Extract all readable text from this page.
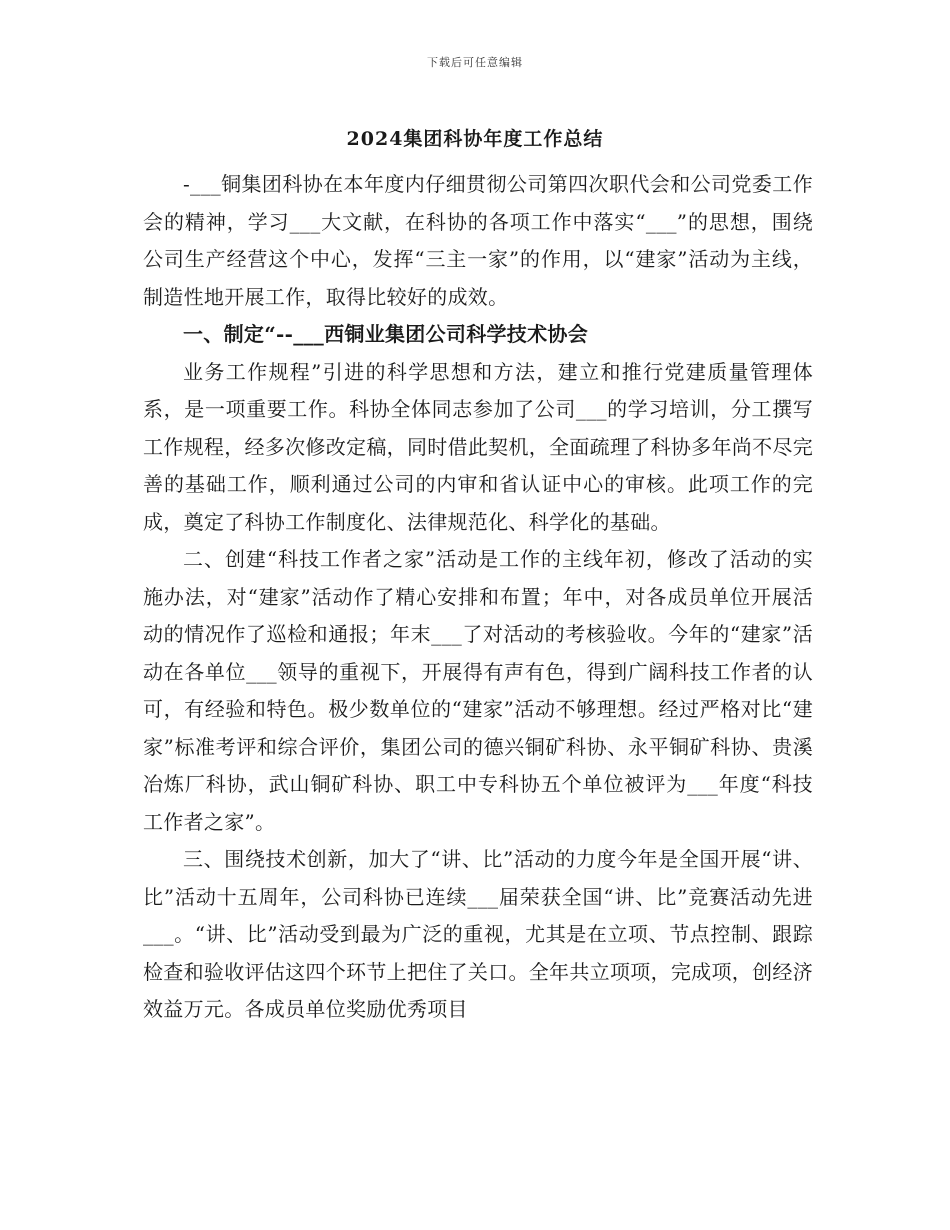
下载后可任意编辑
2024集团科协年度工作总结

-___铜集团科协在本年度内仔细贯彻公司第四次职代会和公司党委工作会的精神，学习___大文献，在科协的各项工作中落实“___”的思想，围绕公司生产经营这个中心，发挥“三主一家”的作用，以“建家”活动为主线，制造性地开展工作，取得比较好的成效。

一、制定“--___西铜业集团公司科学技术协会

业务工作规程”引进的科学思想和方法，建立和推行党建质量管理体系，是一项重要工作。科协全体同志参加了公司___的学习培训，分工撰写工作规程，经多次修改定稿，同时借此契机，全面疏理了科协多年尚不尽完善的基础工作，顺利通过公司的内审和省认证中心的审核。此项工作的完成，奠定了科协工作制度化、法律规范化、科学化的基础。

二、创建“科技工作者之家”活动是工作的主线年初，修改了活动的实施办法，对“建家”活动作了精心安排和布置；年中，对各成员单位开展活动的情况作了巡检和通报；年末___了对活动的考核验收。今年的“建家”活动在各单位___领导的重视下，开展得有声有色，得到广阔科技工作者的认可，有经验和特色。极少数单位的“建家”活动不够理想。经过严格对比“建家”标准考评和综合评价，集团公司的德兴铜矿科协、永平铜矿科协、贵溪冶炼厂科协，武山铜矿科协、职工中专科协五个单位被评为___年度“科技工作者之家”。

三、围绕技术创新，加大了“讲、比”活动的力度今年是全国开展“讲、比”活动十五周年，公司科协已连续___届荣获全国“讲、比”竞赛活动先进___。“讲、比”活动受到最为广泛的重视，尤其是在立项、节点控制、跟踪检查和验收评估这四个环节上把住了关口。全年共立项项，完成项，创经济效益万元。各成员单位奖励优秀项目
